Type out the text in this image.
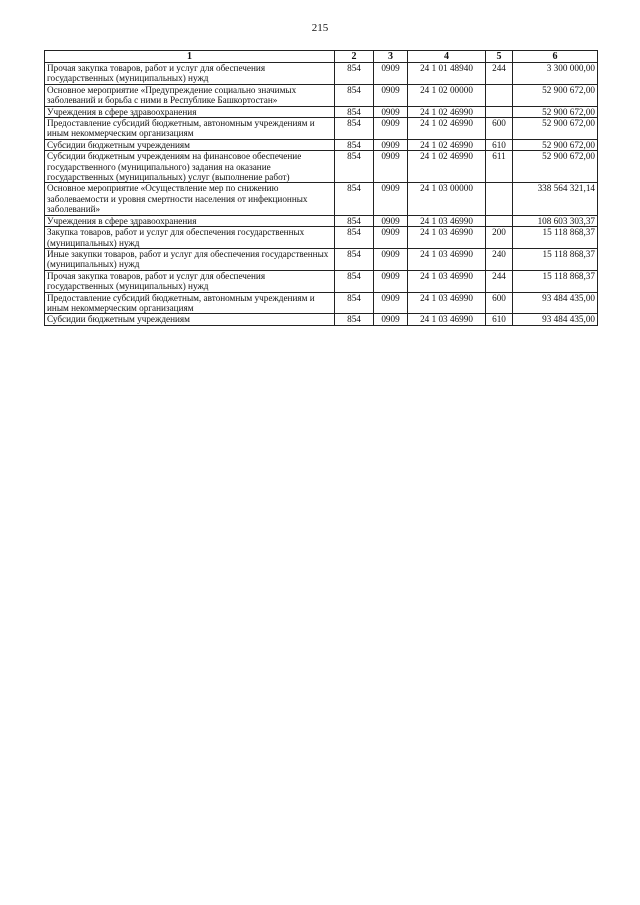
215
1	2	3	4	5	6
Прочая закупка товаров, работ и услуг для обеспечения государственных (муниципальных) нужд	854	0909	24 1 01 48940	244	3 300 000,00
Основное мероприятие «Предупреждение социально значимых заболеваний и борьба с ними в Республике Башкортостан»	854	0909	24 1 02 00000		52 900 672,00
Учреждения в сфере здравоохранения	854	0909	24 1 02 46990		52 900 672,00
Предоставление субсидий бюджетным, автономным учреждениям и иным некоммерческим организациям	854	0909	24 1 02 46990	600	52 900 672,00
Субсидии бюджетным учреждениям	854	0909	24 1 02 46990	610	52 900 672,00
Субсидии бюджетным учреждениям на финансовое обеспечение государственного (муниципального) задания на оказание государственных (муниципальных) услуг (выполнение работ)	854	0909	24 1 02 46990	611	52 900 672,00
Основное мероприятие «Осуществление мер по снижению заболеваемости и уровня смертности населения от инфекционных заболеваний»	854	0909	24 1 03 00000		338 564 321,14
Учреждения в сфере здравоохранения	854	0909	24 1 03 46990		108 603 303,37
Закупка товаров, работ и услуг для обеспечения государственных (муниципальных) нужд	854	0909	24 1 03 46990	200	15 118 868,37
Иные закупки товаров, работ и услуг для обеспечения государственных (муниципальных) нужд	854	0909	24 1 03 46990	240	15 118 868,37
Прочая закупка товаров, работ и услуг для обеспечения государственных (муниципальных) нужд	854	0909	24 1 03 46990	244	15 118 868,37
Предоставление субсидий бюджетным, автономным учреждениям и иным некоммерческим организациям	854	0909	24 1 03 46990	600	93 484 435,00
Субсидии бюджетным учреждениям	854	0909	24 1 03 46990	610	93 484 435,00
